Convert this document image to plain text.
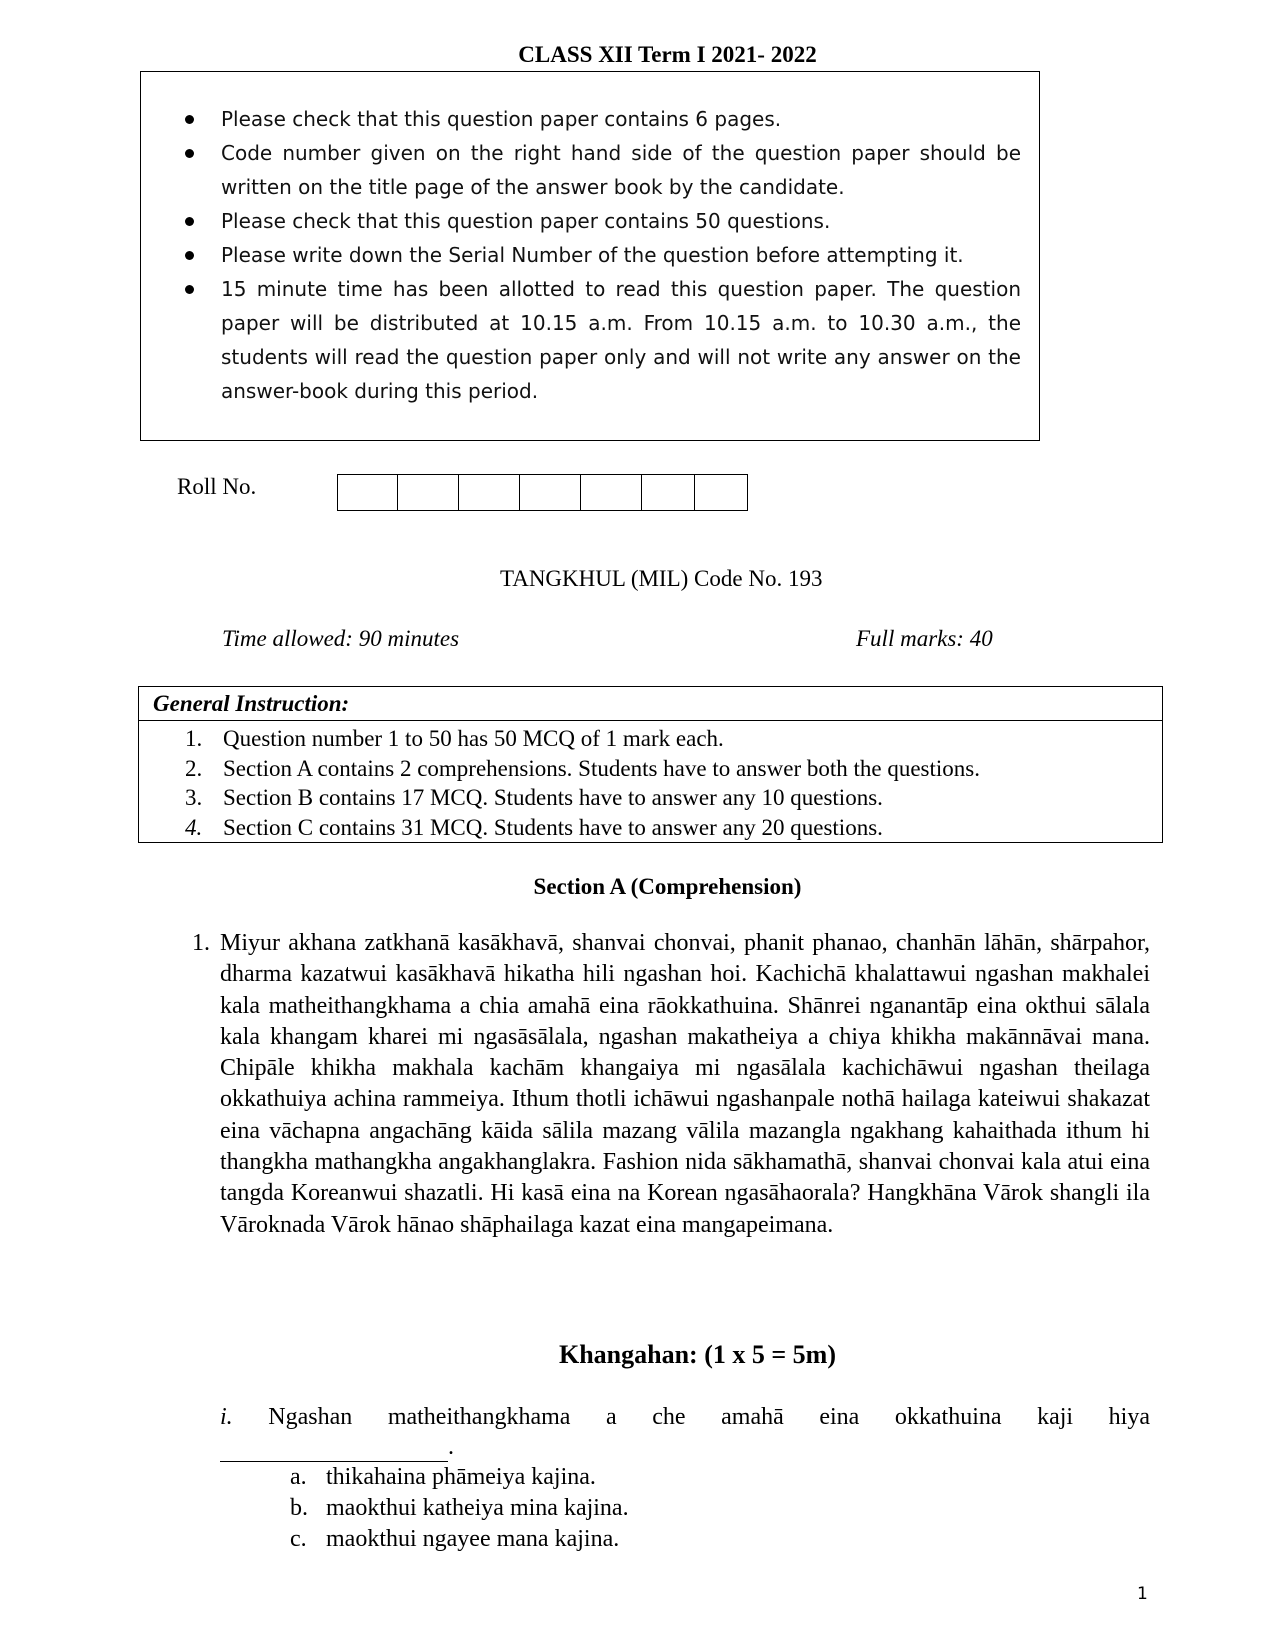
CLASS XII Term I 2021- 2022
Please check that this question paper contains 6 pages.
Code number given on the right hand side of the question paper should be written on the title page of the answer book by the candidate.
Please check that this question paper contains 50 questions.
Please write down the Serial Number of the question before attempting it.
15 minute time has been allotted to read this question paper. The question paper will be distributed at 10.15 a.m. From 10.15 a.m. to 10.30 a.m., the students will read the question paper only and will not write any answer on the answer-book during this period.
Roll No.
TANGKHUL (MIL) Code No. 193
Time allowed: 90 minutes	Full marks: 40
General Instruction:
1. Question number 1 to 50 has 50 MCQ of 1 mark each.
2. Section A contains 2 comprehensions. Students have to answer both the questions.
3. Section B contains 17 MCQ. Students have to answer any 10 questions.
4. Section C contains 31 MCQ. Students have to answer any 20 questions.
Section A (Comprehension)
1. Miyur akhana zatkhanā kasākhavā, shanvai chonvai, phanit phanao, chanhān lāhān, shārpahor, dharma kazatwui kasākhavā hikatha hili ngashan hoi. Kachichā khalattawui ngashan makhalei kala matheithangkhama a chia amahā eina rāokkathuina. Shānrei nganantāp eina okthui sālala kala khangam kharei mi ngasāsālala, ngashan makatheiya a chiya khikha makānnāvai mana. Chipāle khikha makhala kachām khangaiya mi ngasālala kachichāwui ngashan theilaga okkathuiya achina rammeiya. Ithum thotli ichāwui ngashanpale nothā hailaga kateiwui shakazat eina vāchapna angachāng kāida sālila mazang vālila mazangla ngakhang kahaithada ithum hi thangkha mathangkha angakhanglakra. Fashion nida sākhamathā, shanvai chonvai kala atui eina tangda Koreanwui shazatli. Hi kasā eina na Korean ngasāhaorala? Hangkhāna Vārok shangli ila Vāroknada Vārok hānao shāphailaga kazat eina mangapeimana.
Khangahan: (1 x 5 = 5m)
i. Ngashan matheithangkhama a che amahā eina okkathuina kaji hiya
.
a. thikahaina phāmeiya kajina.
b. maokthui katheiya mina kajina.
c. maokthui ngayee mana kajina.
1
